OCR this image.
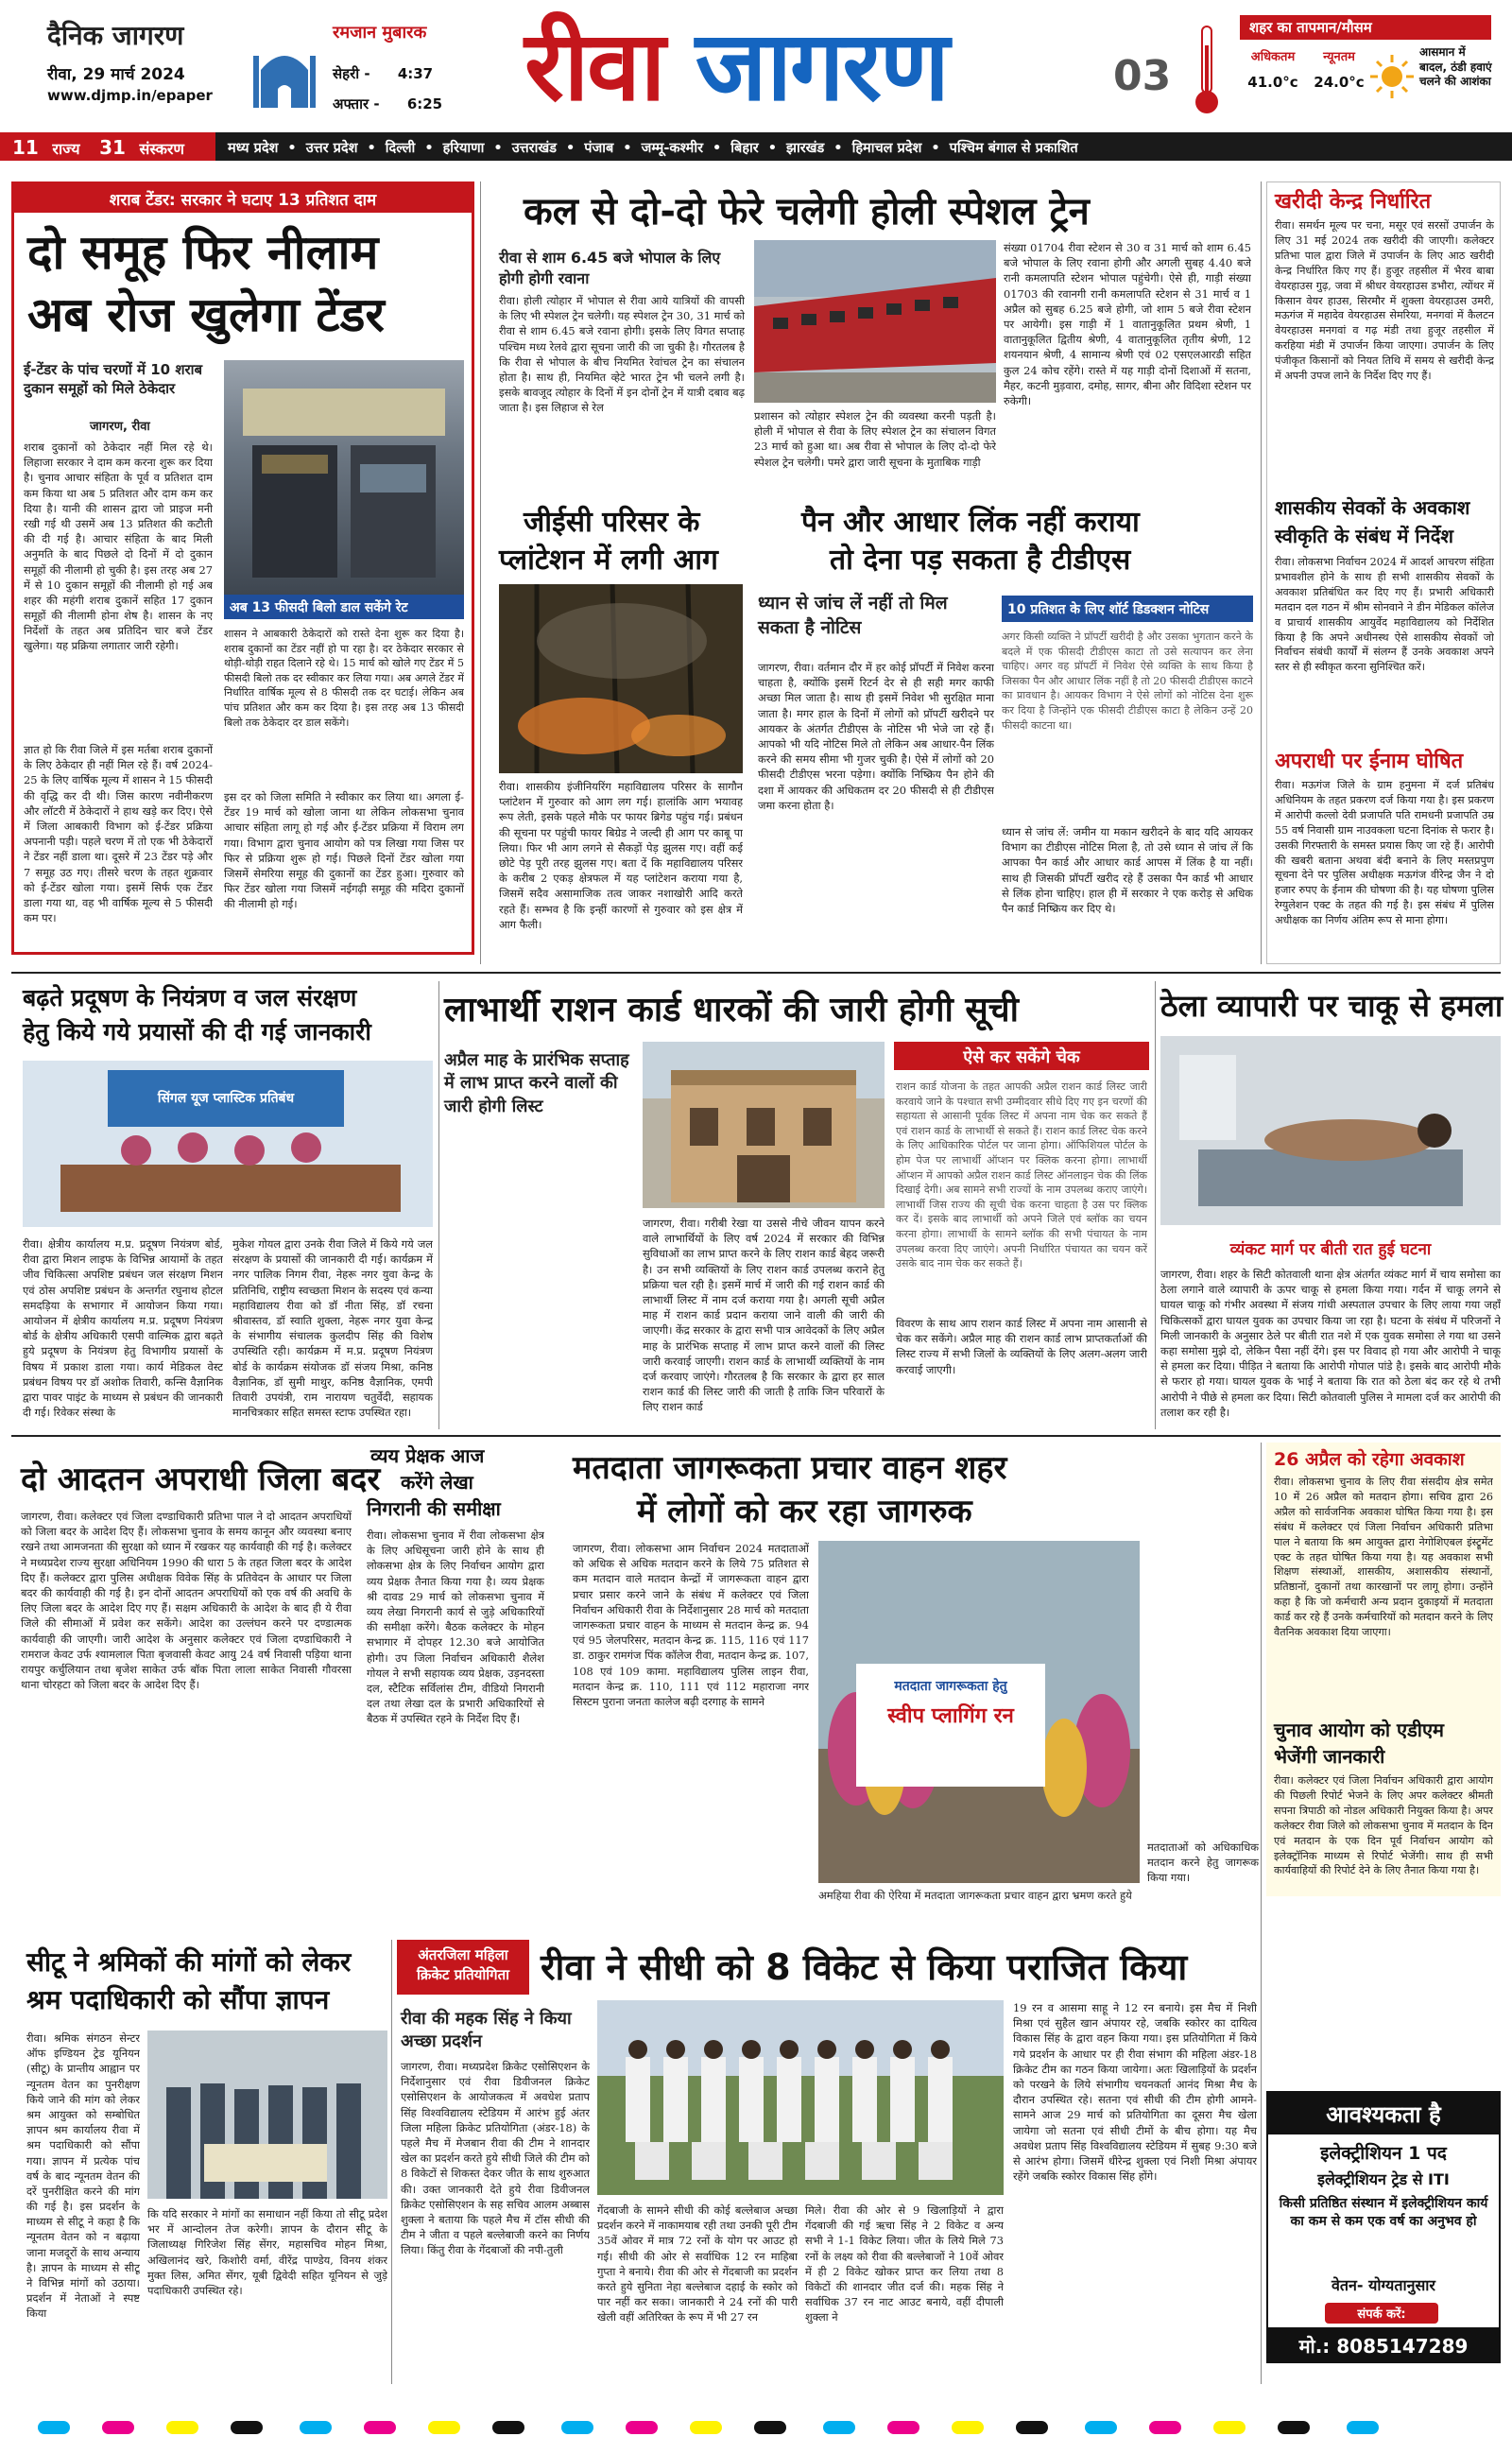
दैनिक जागरण
रीवा, 29 मार्च 2024
www.djmp.in/epaper
रमजान मुबारक
सेहरी - 4:37
अफ्तार - 6:25 रीवा जागरण	03
शहर का तापमान/मौसम
अधिकतम
41.0°c
न्यूनतम
24.0°c
आसमान में बादल, ठंडी हवाएं चलने की आशंका
11 राज्य 31 संस्करण	मध्य प्रदेश • उत्तर प्रदेश • दिल्ली • हरियाणा • उत्तराखंड • पंजाब • जम्मू-कश्मीर • बिहार • झारखंड • हिमाचल प्रदेश • पश्चिम बंगाल से प्रकाशित
शराब टेंडर: सरकार ने घटाए 13 प्रतिशत दाम
दो समूह फिर नीलाम
अब रोज खुलेगा टेंडर
ई-टेंडर के पांच चरणों में 10 शराब दुकान समूहों को मिले ठेकेदार
जागरण, रीवा
शराब दुकानों को ठेकेदार नहीं मिल रहे थे। लिहाजा सरकार ने दाम कम करना शुरू कर दिया है। चुनाव आचार संहिता के पूर्व व प्रतिशत दाम कम किया था अब 5 प्रतिशत और दाम कम कर दिया है। यानी की शासन द्वारा जो प्राइज मनी रखी गई थी उसमें अब 13 प्रतिशत की कटौती की दी गई है। आचार संहिता के बाद मिली अनुमति के बाद पिछले दो दिनों में दो दुकान समूहों की नीलामी हो चुकी है। इस तरह अब 27 में से 10 दुकान समूहों की नीलामी हो गई अब शहर की महंगी शराब दुकानें सहित 17 दुकान समूहों की नीलामी होना शेष है। शासन के नए निर्देशों के तहत अब प्रतिदिन चार बजे टेंडर खुलेगा। यह प्रक्रिया लगातार जारी रहेगी।
ज्ञात हो कि रीवा जिले में इस मर्तबा शराब दुकानों के लिए ठेकेदार ही नहीं मिल रहे हैं। वर्ष 2024-25 के लिए वार्षिक मूल्य में शासन ने 15 फीसदी की वृद्धि कर दी थी। जिस कारण नवीनीकरण और लॉटरी में ठेकेदारों ने हाथ खड़े कर दिए। ऐसे में जिला आबकारी विभाग को ई-टेंडर प्रक्रिया अपनानी पड़ी। पहले चरण में तो एक भी ठेकेदारों ने टेंडर नहीं डाला था। दूसरे में 23 टेंडर पड़े और 7 समूह उठ गए। तीसरे चरण के तहत शुक्रवार को ई-टेंडर खोला गया। इसमें सिर्फ एक टेंडर डाला गया था, वह भी वार्षिक मूल्य से 5 फीसदी कम पर।
अब 13 फीसदी बिलो डाल सकेंगे रेट
शासन ने आबकारी ठेकेदारों को रास्ते देना शुरू कर दिया है। शराब दुकानों का टेंडर नहीं हो पा रहा है। दर ठेकेदार सरकार से थोड़ी-थोड़ी राहत दिलाने रहे थे। 15 मार्च को खोले गए टेंडर में 5 फीसदी बिलो तक दर स्वीकार कर लिया गया। अब अगले टेंडर में निर्धारित वार्षिक मूल्य से 8 फीसदी तक दर घटाई। लेकिन अब पांच प्रतिशत और कम कर दिया है। इस तरह अब 13 फीसदी बिलो तक ठेकेदार दर डाल सकेंगे।
इस दर को जिला समिति ने स्वीकार कर लिया था। अगला ई-टेंडर 19 मार्च को खोला जाना था लेकिन लोकसभा चुनाव आचार संहिता लागू हो गई और ई-टेंडर प्रक्रिया में विराम लग गया। विभाग द्वारा चुनाव आयोग को पत्र लिखा गया जिस पर फिर से प्रक्रिया शुरू हो गई। पिछले दिनों टेंडर खोला गया जिसमें सेमरिया समूह की दुकानों का टेंडर हुआ। गुरुवार को फिर टेंडर खोला गया जिसमें नईगढ़ी समूह की मदिरा दुकानों की नीलामी हो गई।
कल से दो-दो फेरे चलेगी होली स्पेशल ट्रेन
रीवा से शाम 6.45 बजे भोपाल के लिए होगी होगी रवाना
रीवा। होली त्योहार में भोपाल से रीवा आये यात्रियों की वापसी के लिए भी स्पेशल ट्रेन चलेगी। यह स्पेशल ट्रेन 30, 31 मार्च को रीवा से शाम 6.45 बजे रवाना होगी। इसके लिए विगत सप्ताह पश्चिम मध्य रेलवे द्वारा सूचना जारी की जा चुकी है। गौरतलब है कि रीवा से भोपाल के बीच नियमित रेवांचल ट्रेन का संचालन होता है। साथ ही, नियमित व्हेटे भारत ट्रेन भी चलने लगी है। इसके बावजूद त्योहार के दिनों में इन दोनों ट्रेन में यात्री दबाव बढ़ जाता है। इस लिहाज से रेल
प्रशासन को त्योहार स्पेशल ट्रेन की व्यवस्था करनी पड़ती है। होली में भोपाल से रीवा के लिए स्पेशल ट्रेन का संचालन विगत 23 मार्च को हुआ था। अब रीवा से भोपाल के लिए दो-दो फेरे स्पेशल ट्रेन चलेगी। पमरे द्वारा जारी सूचना के मुताबिक गाड़ी
संख्या 01704 रीवा स्टेशन से 30 व 31 मार्च को शाम 6.45 बजे भोपाल के लिए रवाना होगी और अगली सुबह 4.40 बजे रानी कमलापति स्टेशन भोपाल पहुंचेगी। ऐसे ही, गाड़ी संख्या 01703 की रवानगी रानी कमलापति स्टेशन से 31 मार्च व 1 अप्रैल को सुबह 6.25 बजे होगी, जो शाम 5 बजे रीवा स्टेशन पर आयेगी। इस गाड़ी में 1 वातानुकूलित प्रथम श्रेणी, 1 वातानुकूलित द्वितीय श्रेणी, 4 वातानुकूलित तृतीय श्रेणी, 12 शयनयान श्रेणी, 4 सामान्य श्रेणी एवं 02 एसएलआरडी सहित कुल 24 कोच रहेंगे। रास्ते में यह गाड़ी दोनों दिशाओं में सतना, मैहर, कटनी मुड़वारा, दमोह, सागर, बीना और विदिशा स्टेशन पर रुकेगी।
जीईसी परिसर के
प्लांटेशन में लगी आग
रीवा। शासकीय इंजीनियरिंग महाविद्यालय परिसर के सागौन प्लांटेशन में गुरुवार को आग लग गई। हालांकि आग भयावह रूप लेती, इसके पहले मौके पर फायर ब्रिगेड पहुंच गई। प्रबंधन की सूचना पर पहुंची फायर बिग्रेड ने जल्दी ही आग पर काबू पा लिया। फिर भी आग लगने से सैकड़ों पेड़ झुलस गए। वहीं कई छोटे पेड़ पूरी तरह झुलस गए। बता दें कि महाविद्यालय परिसर के करीब 2 एकड़ क्षेत्रफल में यह प्लांटेशन कराया गया है, जिसमें सदैव असामाजिक तत्व जाकर नशाखोरी आदि करते रहते हैं। सम्भव है कि इन्हीं कारणों से गुरुवार को इस क्षेत्र में आग फैली।
पैन और आधार लिंक नहीं कराया
तो देना पड़ सकता है टीडीएस
ध्यान से जांच लें नहीं तो मिल सकता है नोटिस
जागरण, रीवा। वर्तमान दौर में हर कोई प्रॉपर्टी में निवेश करना चाहता है, क्योंकि इसमें रिटर्न देर से ही सही मगर काफी अच्छा मिल जाता है। साथ ही इसमें निवेश भी सुरक्षित माना जाता है। मगर हाल के दिनों में लोगों को प्रॉपर्टी खरीदने पर आयकर के अंतर्गत टीडीएस के नोटिस भी भेजे जा रहे हैं। आपको भी यदि नोटिस मिले तो लेकिन अब आधार-पैन लिंक करने की समय सीमा भी गुजर चुकी है। ऐसे में लोगों को 20 फीसदी टीडीएस भरना पड़ेगा। क्योंकि निष्क्रिय पैन होने की दशा में आयकर की अधिकतम दर 20 फीसदी से ही टीडीएस जमा करना होता है।
10 प्रतिशत के लिए शॉर्ट डिडक्शन नोटिस
अगर किसी व्यक्ति ने प्रॉपर्टी खरीदी है और उसका भुगतान करने के बदले में एक फीसदी टीडीएस काटा तो उसे सत्यापन कर लेना चाहिए। अगर वह प्रॉपर्टी में निवेश ऐसे व्यक्ति के साथ किया है जिसका पैन और आधार लिंक नहीं है तो 20 फीसदी टीडीएस काटने का प्रावधान है। आयकर विभाग ने ऐसे लोगों को नोटिस देना शुरू कर दिया है जिन्होंने एक फीसदी टीडीएस काटा है लेकिन उन्हें 20 फीसदी काटना था।
ध्यान से जांच लें: जमीन या मकान खरीदने के बाद यदि आयकर विभाग का टीडीएस नोटिस मिला है, तो उसे ध्यान से जांच लें कि आपका पैन कार्ड और आधार कार्ड आपस में लिंक है या नहीं। साथ ही जिसकी प्रॉपर्टी खरीद रहे हैं उसका पैन कार्ड भी आधार से लिंक होना चाहिए। हाल ही में सरकार ने एक करोड़ से अधिक पैन कार्ड निष्क्रिय कर दिए थे।
खरीदी केन्द्र निर्धारित
रीवा। समर्थन मूल्य पर चना, मसूर एवं सरसों उपार्जन के लिए 31 मई 2024 तक खरीदी की जाएगी। कलेक्टर प्रतिभा पाल द्वारा जिले में उपार्जन के लिए आठ खरीदी केन्द्र निर्धारित किए गए हैं। हुजूर तहसील में भैरव बाबा वेयरहाउस गुढ़, जवा में श्रीधर वेयरहाउस डभौरा, त्योंथर में किसान वेयर हाउस, सिरमौर में शुक्ला वेयरहाउस उमरी, मऊगंज में महादेव वेयरहाउस सेमरिया, मनगवां में कैलटन वेयरहाउस मनगवां व गढ़ मंडी तथा हुजूर तहसील में करहिया मंडी में उपार्जन किया जाएगा। उपार्जन के लिए पंजीकृत किसानों को नियत तिथि में समय से खरीदी केन्द्र में अपनी उपज लाने के निर्देश दिए गए हैं।
शासकीय सेवकों के अवकाश
स्वीकृति के संबंध में निर्देश
रीवा। लोकसभा निर्वाचन 2024 में आदर्श आचरण संहिता प्रभावशील होने के साथ ही सभी शासकीय सेवकों के अवकाश प्रतिबंधित कर दिए गए हैं। प्रभारी अधिकारी मतदान दल गठन में श्रीम सोनवाने ने डीन मेडिकल कॉलेज व प्राचार्य शासकीय आयुर्वेद महाविद्यालय को निर्देशित किया है कि अपने अधीनस्थ ऐसे शासकीय सेवकों जो निर्वाचन संबंधी कार्यों में संलग्न हैं उनके अवकाश अपने स्तर से ही स्वीकृत करना सुनिश्चित करें।
अपराधी पर ईनाम घोषित
रीवा। मऊगंज जिले के ग्राम हनुमना में दर्ज प्रतिबंध अधिनियम के तहत प्रकरण दर्ज किया गया है। इस प्रकरण में आरोपी कल्लो देवी प्रजापति पति रामधनी प्रजापति उम्र 55 वर्ष निवासी ग्राम नाउवकला घटना दिनांक से फरार है। उसकी गिरफ्तारी के समस्त प्रयास किए जा रहे हैं। आरोपी की खबरी बताना अथवा बंदी बनाने के लिए मस्तप्रपुण सूचना देने पर पुलिस अधीक्षक मऊगंज वीरेन्द्र जैन ने दो हजार रुपए के ईनाम की घोषणा की है। यह घोषणा पुलिस रेग्युलेशन एक्ट के तहत की गई है। इस संबंध में पुलिस अधीक्षक का निर्णय अंतिम रूप से माना होगा।
बढ़ते प्रदूषण के नियंत्रण व जल संरक्षण
हेतु किये गये प्रयासों की दी गई जानकारी
सिंगल यूज प्लास्टिक प्रतिबंध
रीवा। क्षेत्रीय कार्यालय म.प्र. प्रदूषण नियंत्रण बोर्ड, रीवा द्वारा मिशन लाइफ के विभिन्न आयामों के तहत जीव चिकित्सा अपशिष्ट प्रबंधन जल संरक्षण मिशन एवं ठोस अपशिष्ट प्रबंधन के अन्तर्गत रघुनाथ होटल समदड़िया के सभागार में आयोजन किया गया। आयोजन में क्षेत्रीय कार्यालय म.प्र. प्रदूषण नियंत्रण बोर्ड के क्षेत्रीय अधिकारी एसपी वाल्मिक द्वारा बढ़ते हुये प्रदूषण के नियंत्रण हेतु विभागीय प्रयासों के विषय में प्रकाश डाला गया। कार्य मेडिकल वेस्ट प्रबंधन विषय पर डॉ अशोक तिवारी, कन्सि वैज्ञानिक द्वारा पावर पाइंट के माध्यम से प्रबंधन की जानकारी दी गई। रिवेकर संस्था के
मुकेश गोयल द्वारा उनके रीवा जिले में किये गये जल संरक्षण के प्रयासों की जानकारी दी गई। कार्यक्रम में नगर पालिक निगम रीवा, नेहरू नगर युवा केन्द्र के प्रतिनिधि, राष्ट्रीय स्वच्छता मिशन के सदस्य एवं कन्या महाविद्यालय रीवा को डॉ नीता सिंह, डॉ रचना श्रीवास्तव, डॉ स्वाति शुक्ला, नेहरू नगर युवा केन्द्र के संभागीय संचालक कुलदीप सिंह की विशेष उपस्थिति रही। कार्यक्रम में म.प्र. प्रदूषण नियंत्रण बोर्ड के कार्यक्रम संयोजक डॉ संजय मिश्रा, कनिष्ठ वैज्ञानिक, डॉ सुमी माथुर, कनिष्ठ वैज्ञानिक, एमपी तिवारी उपयंत्री, राम नारायण चतुर्वेदी, सहायक मानचित्रकार सहित समस्त स्टाफ उपस्थित रहा।
लाभार्थी राशन कार्ड धारकों की जारी होगी सूची
अप्रैल माह के प्रारंभिक सप्ताह में लाभ प्राप्त करने वालों की जारी होगी लिस्ट
ऐसे कर सकेंगे चेक
राशन कार्ड योजना के तहत आपकी अप्रैल राशन कार्ड लिस्ट जारी करवाये जाने के पश्चात सभी उम्मीदवार सीधे दिए गए इन चरणों की सहायता से आसानी पूर्वक लिस्ट में अपना नाम चेक कर सकते हैं एवं राशन कार्ड के लाभार्थी से सकते हैं। राशन कार्ड लिस्ट चेक करने के लिए आधिकारिक पोर्टल पर जाना होगा। ऑफिशियल पोर्टल के होम पेज पर लाभार्थी ऑप्शन पर क्लिक करना होगा। लाभार्थी ऑप्शन में आपको अप्रैल राशन कार्ड लिस्ट ऑनलाइन चेक की लिंक दिखाई देगी। अब सामने सभी राज्यों के नाम उपलब्ध कराए जाएंगे। लाभार्थी जिस राज्य की सूची चेक करना चाहता है उस पर क्लिक कर दें। इसके बाद लाभार्थी को अपने जिले एवं ब्लॉक का चयन करना होगा। लाभार्थी के सामने ब्लॉक की सभी पंचायत के नाम उपलब्ध करवा दिए जाएंगे। अपनी निर्धारित पंचायत का चयन करें उसके बाद नाम चेक कर सकते हैं।
जागरण, रीवा। गरीबी रेखा या उससे नीचे जीवन यापन करने वाले लाभार्थियों के लिए वर्ष 2024 में सरकार की विभिन्न सुविधाओं का लाभ प्राप्त करने के लिए राशन कार्ड बेहद जरूरी है। उन सभी व्यक्तियों के लिए राशन कार्ड उपलब्ध कराने हेतु प्रक्रिया चल रही है। इसमें मार्च में जारी की गई राशन कार्ड की लाभार्थी लिस्ट में नाम दर्ज कराया गया है। अगली सूची अप्रैल माह में राशन कार्ड प्रदान कराया जाने वाली की जारी की जाएगी। केंद्र सरकार के द्वारा सभी पात्र आवेदकों के लिए अप्रैल माह के प्रारंभिक सप्ताह में लाभ प्राप्त करने वालों की लिस्ट जारी करवाई जाएगी। राशन कार्ड के लाभार्थी व्यक्तियों के नाम दर्ज करवाए जाएंगे। गौरतलब है कि सरकार के द्वारा हर साल राशन कार्ड की लिस्ट जारी की जाती है ताकि जिन परिवारों के लिए राशन कार्ड
विवरण के साथ आप राशन कार्ड लिस्ट में अपना नाम आसानी से चेक कर सकेंगे। अप्रैल माह की राशन कार्ड लाभ प्राप्तकर्ताओं की लिस्ट राज्य में सभी जिलों के व्यक्तियों के लिए अलग-अलग जारी करवाई जाएगी।
ठेला व्यापारी पर चाकू से हमला
व्यंकट मार्ग पर बीती रात हुई घटना
जागरण, रीवा। शहर के सिटी कोतवाली थाना क्षेत्र अंतर्गत व्यंकट मार्ग में चाय समोसा का ठेला लगाने वाले व्यापारी के ऊपर चाकू से हमला किया गया। गर्दन में चाकू लगने से घायल चाकू को गंभीर अवस्था में संजय गांधी अस्पताल उपचार के लिए लाया गया जहाँ चिकित्सकों द्वारा घायल युवक का उपचार किया जा रहा है। घटना के संबंध में परिजनों ने मिली जानकारी के अनुसार ठेले पर बीती रात नशे में एक युवक समोसा ले गया था उसने कहा समोसा मुझे दो, लेकिन पैसा नहीं देंगे। इस पर विवाद हो गया और आरोपी ने चाकू से हमला कर दिया। पीड़ित ने बताया कि आरोपी गोपाल पांडे है। इसके बाद आरोपी मौके से फरार हो गया। घायल युवक के भाई ने बताया कि रात को ठेला बंद कर रहे थे तभी आरोपी ने पीछे से हमला कर दिया। सिटी कोतवाली पुलिस ने मामला दर्ज कर आरोपी की तलाश कर रही है।
दो आदतन अपराधी जिला बदर
जागरण, रीवा। कलेक्टर एवं जिला दण्डाधिकारी प्रतिभा पाल ने दो आदतन अपराधियों को जिला बदर के आदेश दिए हैं। लोकसभा चुनाव के समय कानून और व्यवस्था बनाए रखने तथा आमजनता की सुरक्षा को ध्यान में रखकर यह कार्यवाही की गई है। कलेक्टर ने मध्यप्रदेश राज्य सुरक्षा अधिनियम 1990 की धारा 5 के तहत जिला बदर के आदेश दिए हैं। कलेक्टर द्वारा पुलिस अधीक्षक विवेक सिंह के प्रतिवेदन के आधार पर जिला बदर की कार्यवाही की गई है। इन दोनों आदतन अपराधियों को एक वर्ष की अवधि के लिए जिला बदर के आदेश दिए गए हैं। सक्षम अधिकारी के आदेश के बाद ही ये रीवा जिले की सीमाओं में प्रवेश कर सकेंगे। आदेश का उल्लंघन करने पर दण्डात्मक कार्यवाही की जाएगी। जारी आदेश के अनुसार कलेक्टर एवं जिला दण्डाधिकारी ने रामराज केवट उर्फ श्यामलाल पिता बृजवासी केवट आयु 24 वर्ष निवासी पड़िया थाना रायपुर कर्चुलियान तथा बृजेश साकेत उर्फ बॉक पिता लाला साकेत निवासी गौवरसा थाना चोरहटा को जिला बदर के आदेश दिए हैं।
व्यय प्रेक्षक आज
करेंगे लेखा
निगरानी की समीक्षा
रीवा। लोकसभा चुनाव में रीवा लोकसभा क्षेत्र के लिए अधिसूचना जारी होने के साथ ही लोकसभा क्षेत्र के लिए निर्वाचन आयोग द्वारा व्यय प्रेक्षक तैनात किया गया है। व्यय प्रेक्षक श्री दावड 29 मार्च को लोकसभा चुनाव में व्यय लेखा निगरानी कार्य से जुड़े अधिकारियों की समीक्षा करेंगे। बैठक कलेक्टर के मोहन सभागार में दोपहर 12.30 बजे आयोजित होगी। उप जिला निर्वाचन अधिकारी शैलेश गोयल ने सभी सहायक व्यय प्रेक्षक, उड़नदस्ता दल, स्टैटिक सर्विलांस टीम, वीडियो निगरानी दल तथा लेखा दल के प्रभारी अधिकारियों से बैठक में उपस्थित रहने के निर्देश दिए हैं।
मतदाता जागरूकता प्रचार वाहन शहर
में लोगों को कर रहा जागरुक
जागरण, रीवा। लोकसभा आम निर्वाचन 2024 मतदाताओं को अधिक से अधिक मतदान करने के लिये 75 प्रतिशत से कम मतदान वाले मतदान केन्द्रों में जागरूकता वाहन द्वारा प्रचार प्रसार करने जाने के संबंध में कलेक्टर एवं जिला निर्वाचन अधिकारी रीवा के निर्देशानुसार 28 मार्च को मतदाता जागरूकता प्रचार वाहन के माध्यम से मतदान केन्द्र क्र. 94 एवं 95 जेलपरिसर, मतदान केन्द्र क्र. 115, 116 एवं 117 डा. ठाकुर रामगंज पिंक कॉलेज रीवा, मतदान केन्द्र क्र. 107, 108 एवं 109 कामा. महाविद्यालय पुलिस लाइन रीवा, मतदान केन्द्र क्र. 110, 111 एवं 112 महाराजा नगर सिस्टम पुराना जनता कालेज बढ़ी दरगाह के सामने
मतदाता जागरूकता हेतु
स्वीप प्लागिंग रन
मतदाताओं को अधिकाधिक मतदान करने हेतु जागरूक किया गया।
अमहिया रीवा की ऐरिया में मतदाता जागरूकता प्रचार वाहन द्वारा भ्रमण करते हुये
26 अप्रैल को रहेगा अवकाश
रीवा। लोकसभा चुनाव के लिए रीवा संसदीय क्षेत्र समेत 10 में 26 अप्रैल को मतदान होगा। सचिव द्वारा 26 अप्रैल को सार्वजनिक अवकाश घोषित किया गया है। इस संबंध में कलेक्टर एवं जिला निर्वाचन अधिकारी प्रतिभा पाल ने बताया कि श्रम आयुक्त द्वारा नेगोशिएबल इंस्ट्रूमेंट एक्ट के तहत घोषित किया गया है। यह अवकाश सभी शिक्षण संस्थाओं, शासकीय, अशासकीय संस्थानों, प्रतिष्ठानों, दुकानों तथा कारखानों पर लागू होगा। उन्होंने कहा है कि जो कर्मचारी अन्य प्रदान दुकाइयों में मतदाता कार्ड कर रहे हैं उनके कर्मचारियों को मतदान करने के लिए वैतनिक अवकाश दिया जाएगा।
चुनाव आयोग को एडीएम
भेजेंगी जानकारी
रीवा। कलेक्टर एवं जिला निर्वाचन अधिकारी द्वारा आयोग की पिछली रिपोर्ट भेजने के लिए अपर कलेक्टर श्रीमती सपना त्रिपाठी को नोडल अधिकारी नियुक्त किया है। अपर कलेक्टर रीवा जिले को लोकसभा चुनाव में मतदान के दिन एवं मतदान के एक दिन पूर्व निर्वाचन आयोग को इलेक्ट्रॉनिक माध्यम से रिपोर्ट भेजेंगी। साथ ही सभी कार्यवाहियों की रिपोर्ट देने के लिए तैनात किया गया है।
आवश्यकता है
इलेक्ट्रीशियन 1 पद
इलेक्ट्रीशियन ट्रेड से ITI
किसी प्रतिष्ठित संस्थान में इलेक्ट्रीशियन कार्य का कम से कम एक वर्ष का अनुभव हो
वेतन- योग्यतानुसार
संपर्क करें:
मो.: 8085147289
सीटू ने श्रमिकों की मांगों को लेकर
श्रम पदाधिकारी को सौंपा ज्ञापन
रीवा। श्रमिक संगठन सेन्टर ऑफ इण्डियन ट्रेड यूनियन (सीटू) के प्रान्तीय आह्वान पर न्यूनतम वेतन का पुनरीक्षण किये जाने की मांग को लेकर श्रम आयुक्त को सम्बोधित ज्ञापन श्रम कार्यालय रीवा में श्रम पदाधिकारी को सौंपा गया। ज्ञापन में प्रत्येक पांच वर्ष के बाद न्यूनतम वेतन की दरें पुनरीक्षित करने की मांग की गई है। इस प्रदर्शन के माध्यम से सीटू ने कहा है कि न्यूनतम वेतन को न बढ़ाया जाना मजदूरों के साथ अन्याय है। ज्ञापन के माध्यम से सीटू ने विभिन्न मांगों को उठाया। प्रदर्शन में नेताओं ने स्पष्ट किया
कि यदि सरकार ने मांगों का समाधान नहीं किया तो सीटू प्रदेश भर में आन्दोलन तेज करेगी। ज्ञापन के दौरान सीटू के जिलाध्यक्ष गिरिजेश सिंह सेंगर, महासचिव मोहन मिश्रा, अखिलानंद खरे, किशोरी वर्मा, वीरेंद्र पाण्डेय, विनय शंकर मुक्त लिस, अमित सेंगर, यूबी द्विवेदी सहित यूनियन से जुड़े पदाधिकारी उपस्थित रहे।
अंतरजिला महिला
क्रिकेट प्रतियोगिता रीवा ने सीधी को 8 विकेट से किया पराजित किया
रीवा की महक सिंह ने किया अच्छा प्रदर्शन
जागरण, रीवा। मध्यप्रदेश क्रिकेट एसोसिएशन के निर्देशानुसार एवं रीवा डिवीजनल क्रिकेट एसोसिएशन के आयोजकत्व में अवधेश प्रताप सिंह विश्वविद्यालय स्टेडियम में आरंभ हुई अंतर जिला महिला क्रिकेट प्रतियोगिता (अंडर-18) के पहले मैच में मेजबान रीवा की टीम ने शानदार खेल का प्रदर्शन करते हुये सीधी जिले की टीम को 8 विकेटों से शिकस्त देकर जीत के साथ शुरुआत की। उक्त जानकारी देते हुये रीवा डिवीजनल क्रिकेट एसोसिएशन के सह सचिव आलम अब्बास शुक्ला ने बताया कि पहले मैच में टॉस सीधी की टीम ने जीता व पहले बल्लेबाजी करने का निर्णय लिया। किंतु रीवा के गेंदबाजों की नपी-तुली
गेंदबाजी के सामने सीधी की कोई बल्लेबाज अच्छा प्रदर्शन करने में नाकामयाब रही तथा उनकी पूरी टीम 35वें ओवर में मात्र 72 रनों के योग पर आउट हो गई। सीधी की ओर से सर्वाधिक 12 रन माहिबा गुप्ता ने बनाये। रीवा की ओर से गेंदबाजी का प्रदर्शन करते हुये सुनिता नेहा बल्लेबाज दहाई के स्कोर को पार नहीं कर सका। जानकारी ने 24 रनों की पारी खेली वहीं अतिरिक्त के रूप में भी 27 रन
मिले। रीवा की ओर से 9 खिलाड़ियों ने द्वारा गेंदबाजी की गई ऋचा सिंह ने 2 विकेट व अन्य सभी ने 1-1 विकेट लिया। जीत के लिये मिले 73 रनों के लक्ष्य को रीवा की बल्लेबाजों ने 10वें ओवर में ही 2 विकेट खोकर प्राप्त कर लिया तथा 8 विकेटों की शानदार जीत दर्ज की। महक सिंह ने सर्वाधिक 37 रन नाट आउट बनाये, वहीं दीपाली शुक्ला ने
19 रन व आसमा साहू ने 12 रन बनाये। इस मैच में निशी मिश्रा एवं सुहैल खान अंपायर रहे, जबकि स्कोरर का दायित्व विकास सिंह के द्वारा वहन किया गया। इस प्रतियोगिता में किये गये प्रदर्शन के आधार पर ही रीवा संभाग की महिला अंडर-18 क्रिकेट टीम का गठन किया जायेगा। अतः खिलाड़ियों के प्रदर्शन को परखने के लिये संभागीय चयनकर्ता आनंद मिश्रा मैच के दौरान उपस्थित रहे। सतना एवं सीधी की टीम होगी आमने-सामने आज 29 मार्च को प्रतियोगिता का दूसरा मैच खेला जायेगा जो सतना एवं सीधी टीमों के बीच होगा। यह मैच अवधेश प्रताप सिंह विश्वविद्यालय स्टेडियम में सुबह 9:30 बजे से आरंभ होगा। जिसमें धीरेन्द्र शुक्ला एवं निशी मिश्रा अंपायर रहेंगे जबकि स्कोरर विकास सिंह होंगे।
